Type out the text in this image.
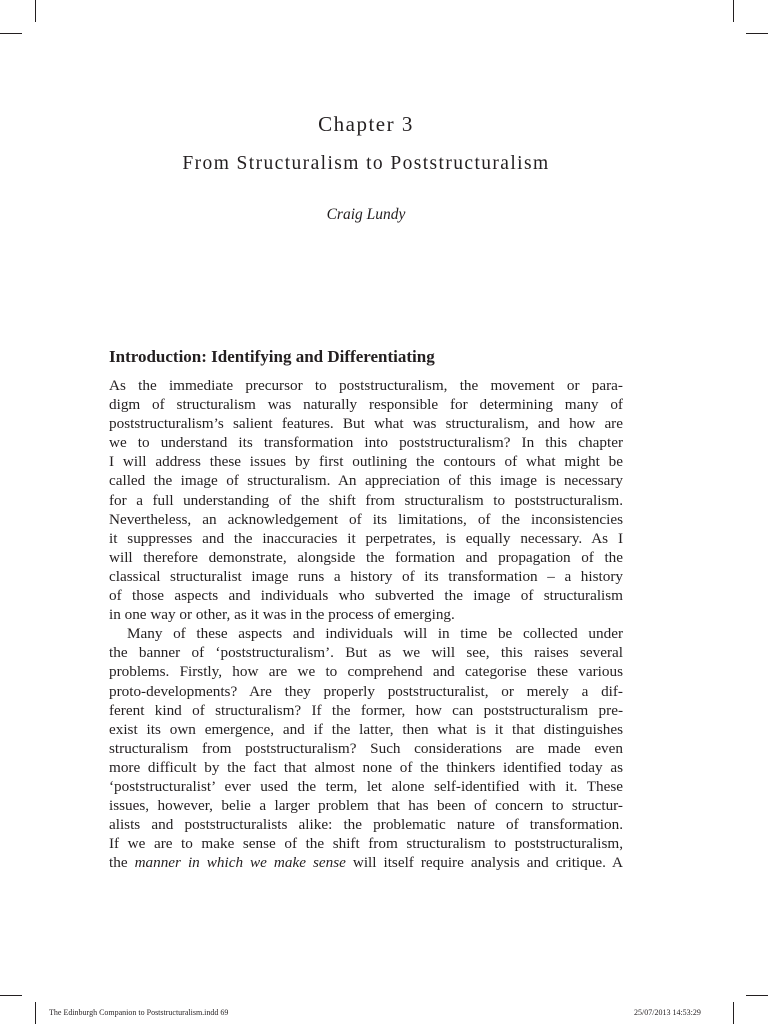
Chapter 3
From Structuralism to Poststructuralism
Craig Lundy
Introduction: Identifying and Differentiating
As the immediate precursor to poststructuralism, the movement or para-
digm of structuralism was naturally responsible for determining many of
poststructuralism’s salient features. But what was structuralism, and how are
we to understand its transformation into poststructuralism? In this chapter
I will address these issues by first outlining the contours of what might be
called the image of structuralism. An appreciation of this image is necessary
for a full understanding of the shift from structuralism to poststructuralism.
Nevertheless, an acknowledgement of its limitations, of the inconsistencies
it suppresses and the inaccuracies it perpetrates, is equally necessary. As I
will therefore demonstrate, alongside the formation and propagation of the
classical structuralist image runs a history of its transformation – a history
of those aspects and individuals who subverted the image of structuralism
in one way or other, as it was in the process of emerging.
Many of these aspects and individuals will in time be collected under
the banner of ‘poststructuralism’. But as we will see, this raises several
problems. Firstly, how are we to comprehend and categorise these various
proto-developments? Are they properly poststructuralist, or merely a dif-
ferent kind of structuralism? If the former, how can poststructuralism pre-
exist its own emergence, and if the latter, then what is it that distinguishes
structuralism from poststructuralism? Such considerations are made even
more difficult by the fact that almost none of the thinkers identified today as
‘poststructuralist’ ever used the term, let alone self-identified with it. These
issues, however, belie a larger problem that has been of concern to structur-
alists and poststructuralists alike: the problematic nature of transformation.
If we are to make sense of the shift from structuralism to poststructuralism,
the manner in which we make sense will itself require analysis and critique. A
The Edinburgh Companion to Poststructuralism.indd 69	25/07/2013 14:53:29
